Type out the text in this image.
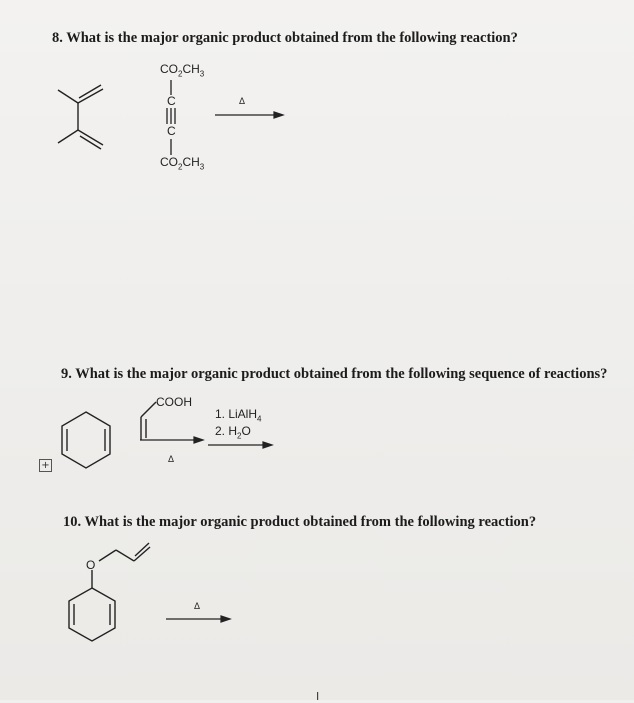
8. What is the major organic product obtained from the following reaction?
$CO_2CH_3$
C
C
$CO_2CH_3$
Δ
9. What is the major organic product obtained from the following sequence of reactions?
COOH
Δ
1. LiAlH$_4$
2. $H_2O$
+
10. What is the major organic product obtained from the following reaction?
O
Δ
I
